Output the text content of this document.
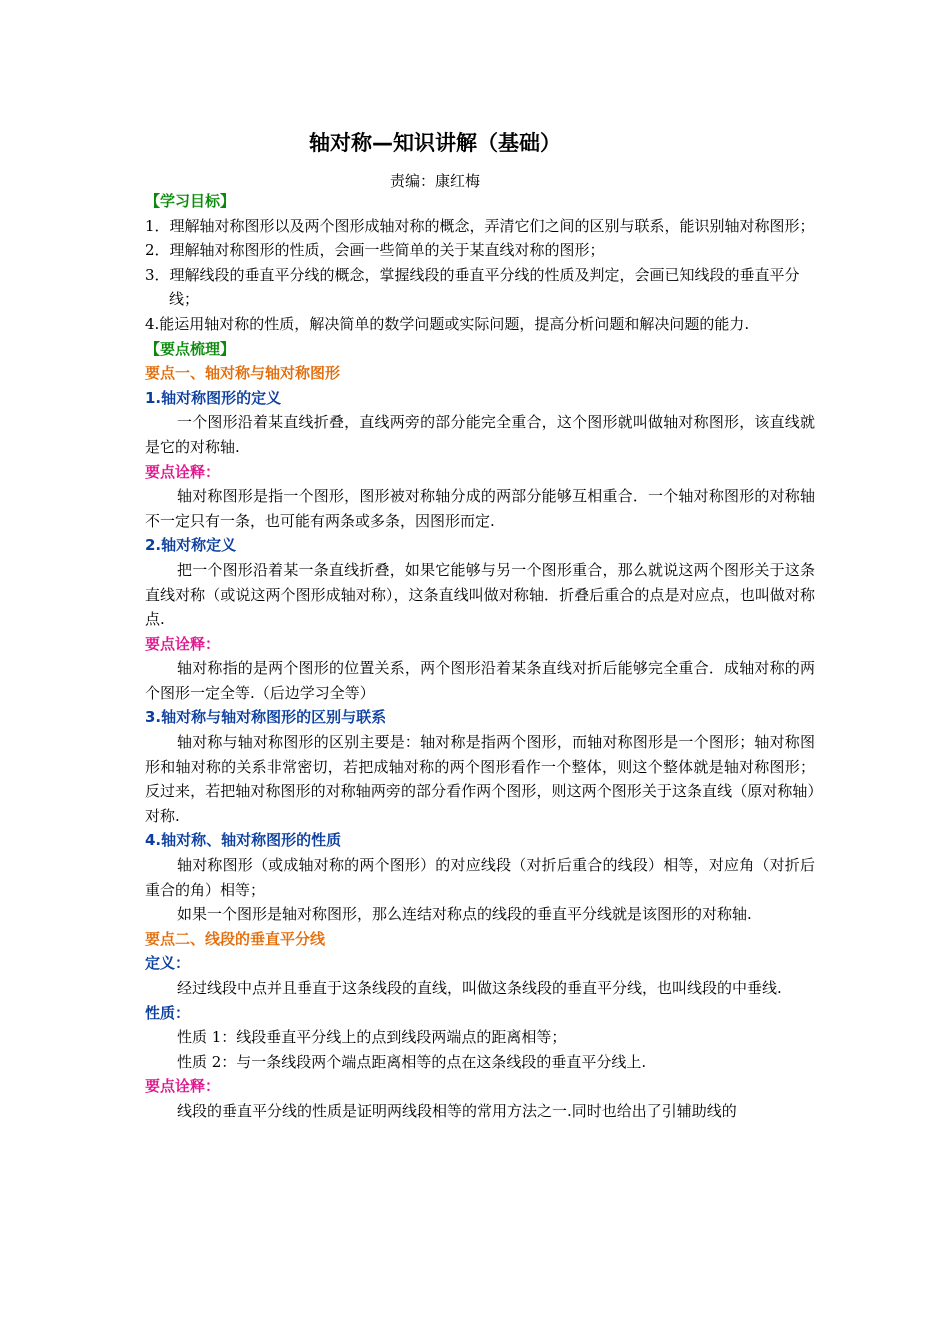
轴对称—知识讲解（基础）
责编：康红梅

【学习目标】

1．理解轴对称图形以及两个图形成轴对称的概念，弄清它们之间的区别与联系，能识别轴对称图形；

2．理解轴对称图形的性质，会画一些简单的关于某直线对称的图形；

3．理解线段的垂直平分线的概念，掌握线段的垂直平分线的性质及判定，会画已知线段的垂直平分线；

4.能运用轴对称的性质，解决简单的数学问题或实际问题，提高分析问题和解决问题的能力.

【要点梳理】

要点一、轴对称与轴对称图形

1.轴对称图形的定义

一个图形沿着某直线折叠，直线两旁的部分能完全重合，这个图形就叫做轴对称图形，该直线就是它的对称轴.

要点诠释：

轴对称图形是指一个图形，图形被对称轴分成的两部分能够互相重合．一个轴对称图形的对称轴不一定只有一条，也可能有两条或多条，因图形而定.

2.轴对称定义

把一个图形沿着某一条直线折叠，如果它能够与另一个图形重合，那么就说这两个图形关于这条直线对称（或说这两个图形成轴对称），这条直线叫做对称轴．折叠后重合的点是对应点，也叫做对称点.

要点诠释：

轴对称指的是两个图形的位置关系，两个图形沿着某条直线对折后能够完全重合．成轴对称的两个图形一定全等.（后边学习全等）

3.轴对称与轴对称图形的区别与联系

轴对称与轴对称图形的区别主要是：轴对称是指两个图形，而轴对称图形是一个图形；轴对称图形和轴对称的关系非常密切，若把成轴对称的两个图形看作一个整体，则这个整体就是轴对称图形；反过来，若把轴对称图形的对称轴两旁的部分看作两个图形，则这两个图形关于这条直线（原对称轴）对称.

4.轴对称、轴对称图形的性质

轴对称图形（或成轴对称的两个图形）的对应线段（对折后重合的线段）相等，对应角（对折后重合的角）相等；

如果一个图形是轴对称图形，那么连结对称点的线段的垂直平分线就是该图形的对称轴.

要点二、线段的垂直平分线

定义：

经过线段中点并且垂直于这条线段的直线，叫做这条线段的垂直平分线，也叫线段的中垂线.

性质：

性质 1：线段垂直平分线上的点到线段两端点的距离相等；

性质 2：与一条线段两个端点距离相等的点在这条线段的垂直平分线上.

要点诠释：

线段的垂直平分线的性质是证明两线段相等的常用方法之一.同时也给出了引辅助线的
